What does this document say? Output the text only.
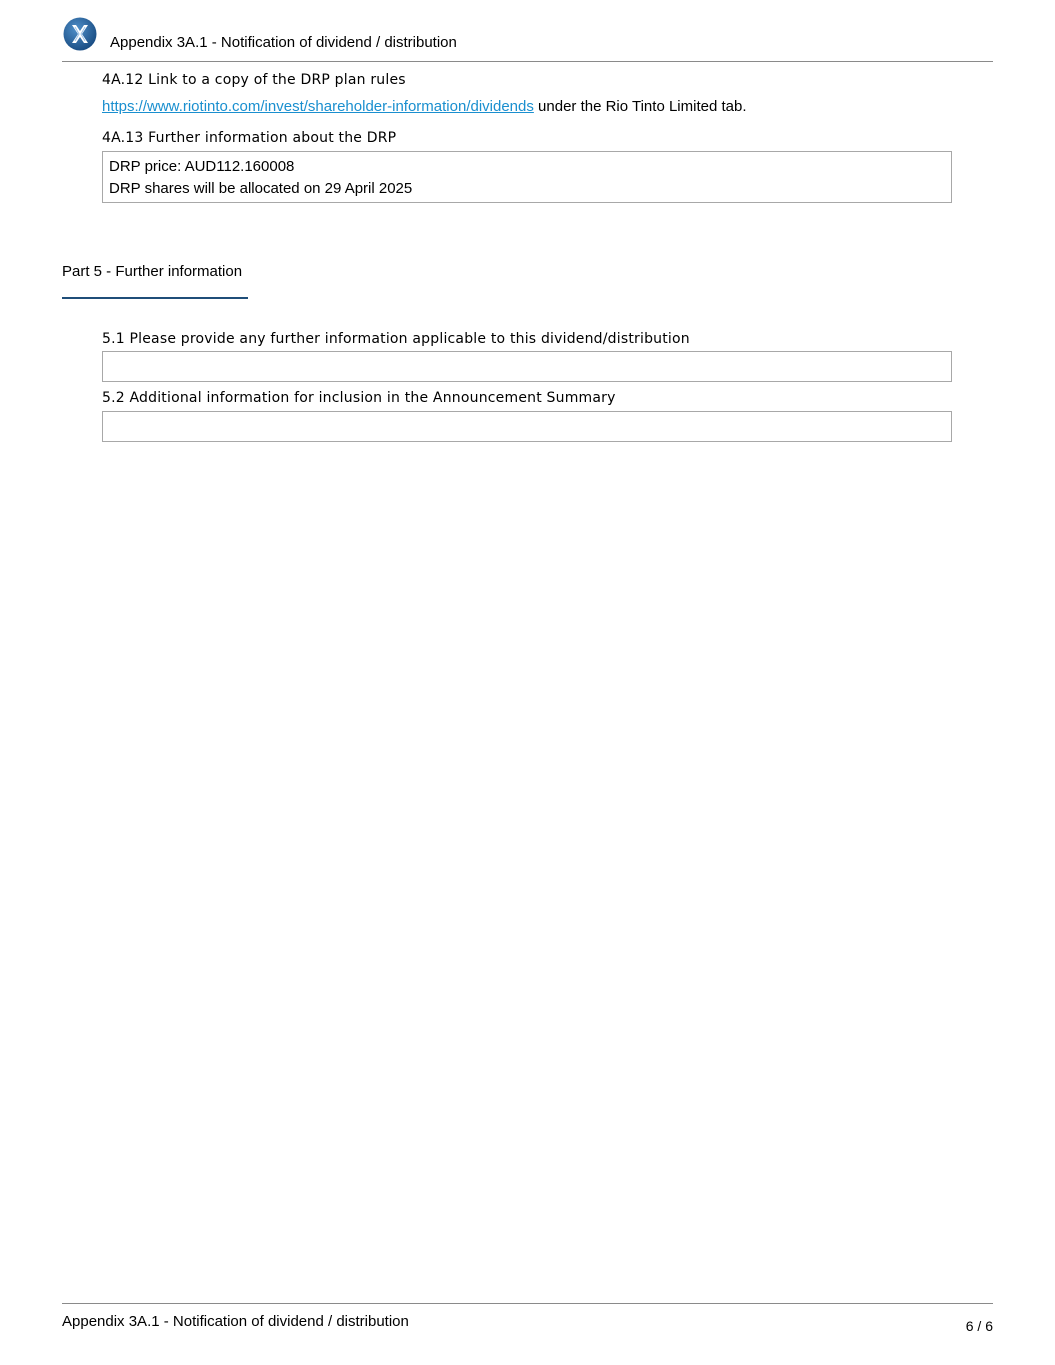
Appendix 3A.1 - Notification of dividend / distribution
4A.12 Link to a copy of the DRP plan rules
https://www.riotinto.com/invest/shareholder-information/dividends under the Rio Tinto Limited tab.
4A.13 Further information about the DRP
DRP price: AUD112.160008
DRP shares will be allocated on 29 April 2025
Part 5 - Further information
5.1 Please provide any further information applicable to this dividend/distribution
5.2 Additional information for inclusion in the Announcement Summary
Appendix 3A.1 - Notification of dividend / distribution	6 / 6
